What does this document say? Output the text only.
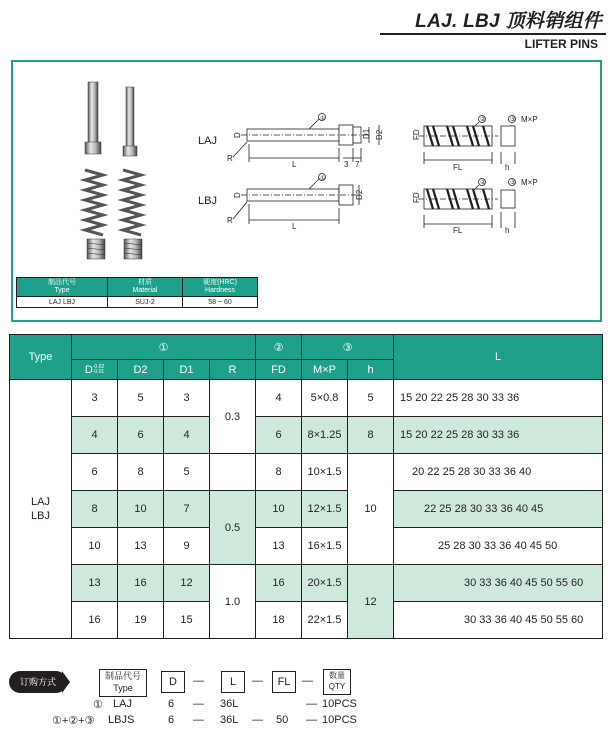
LAJ. LBJ 顶料销组件
LIFTER PINS
LAJ D
R
L	3 7
①
D1 D2
LBJ D
R
L
①
D2
FD
FL	h
②	③ M×P
FD
FL	h
②	③ M×P
制品代号
Type	材质
Material	硬度(HRC)
Hardness
LAJ LBJ	SUJ-2	58 ~ 60
Type	①				②	③		L
	D-0.02
-0.01	D2	D1	R	FD	M×P	h	
LAJ
LBJ	3	5	3	0.3	4	5×0.8	5	15 20 22 25 28 30 33 36
	4	6	4		6	8×1.25	8	15 20 22 25 28 30 33 36
	6	8	5		8	10×1.5	10	20 22 25 28 30 33 36 40
	8	10	7	0.5	10	12×1.5		22 25 28 30 33 36 40 45
	10	13	9		13	16×1.5		25 28 30 33 36 40 45 50
	13	16	12	1.0	16	20×1.5	12	30 33 36 40 45 50 55 60
	16	19	15		18	22×1.5		30 33 36 40 45 50 55 60
订购方式
制品代号
Type	D	—	L	—	FL	—	数量
QTY
① LAJ	6 — 36L	— 10PCS
①+②+③ LBJS	6 — 36L — 50 — 10PCS
